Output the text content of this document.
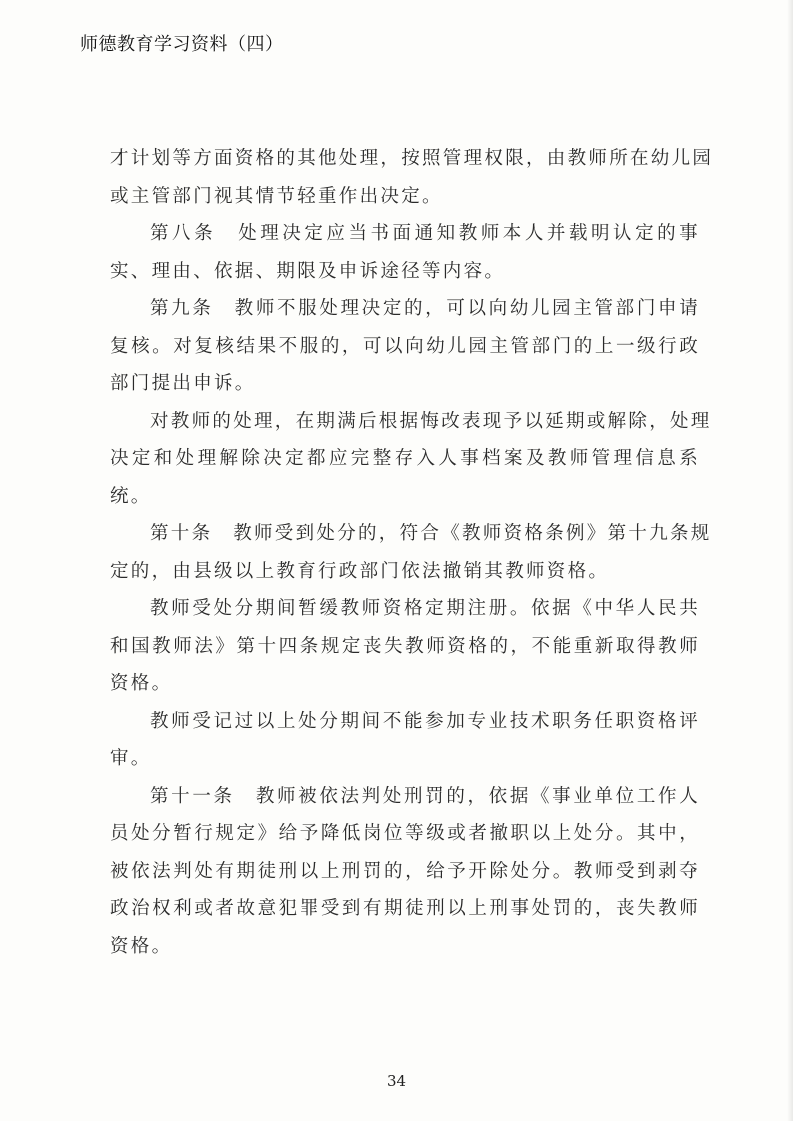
师德教育学习资料（四）
才计划等方面资格的其他处理，按照管理权限，由教师所在幼儿园
或主管部门视其情节轻重作出决定。
第八条　处理决定应当书面通知教师本人并载明认定的事
实、理由、依据、期限及申诉途径等内容。
第九条　教师不服处理决定的，可以向幼儿园主管部门申请
复核。对复核结果不服的，可以向幼儿园主管部门的上一级行政
部门提出申诉。
对教师的处理，在期满后根据悔改表现予以延期或解除，处理
决定和处理解除决定都应完整存入人事档案及教师管理信息系
统。
第十条　教师受到处分的，符合《教师资格条例》第十九条规
定的，由县级以上教育行政部门依法撤销其教师资格。
教师受处分期间暂缓教师资格定期注册。依据《中华人民共
和国教师法》第十四条规定丧失教师资格的，不能重新取得教师
资格。
教师受记过以上处分期间不能参加专业技术职务任职资格评
审。
第十一条　教师被依法判处刑罚的，依据《事业单位工作人
员处分暂行规定》给予降低岗位等级或者撤职以上处分。其中，
被依法判处有期徒刑以上刑罚的，给予开除处分。教师受到剥夺
政治权利或者故意犯罪受到有期徒刑以上刑事处罚的，丧失教师
资格。
34
